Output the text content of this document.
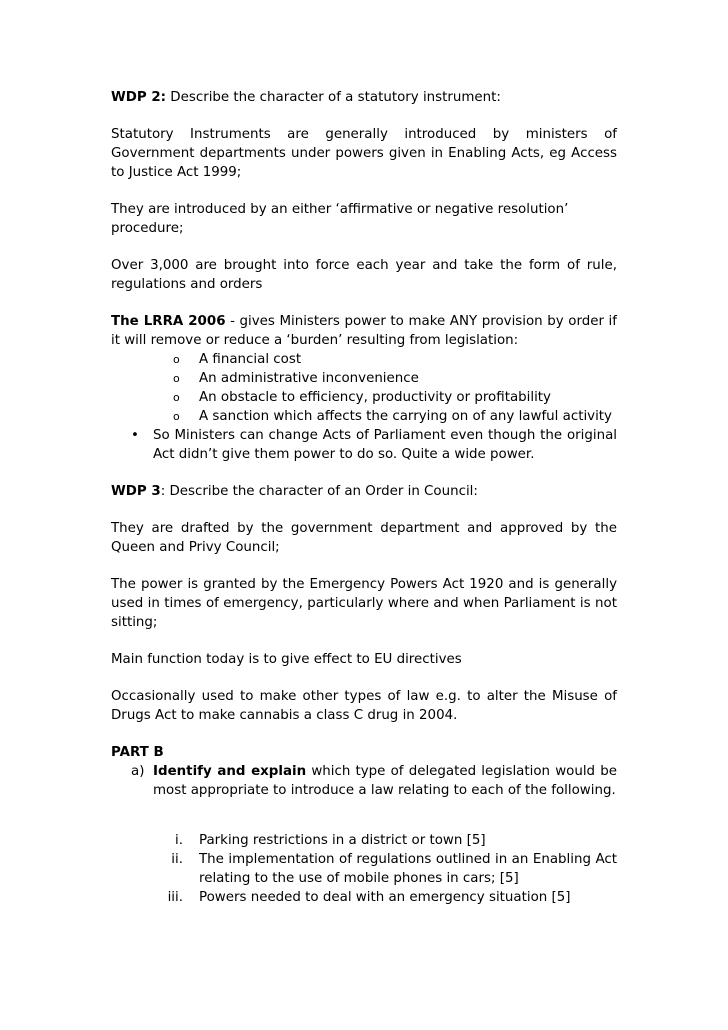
WDP 2: Describe the character of a statutory instrument:

Statutory Instruments are generally introduced by ministers of Government departments under powers given in Enabling Acts, eg Access to Justice Act 1999;

They are introduced by an either ‘affirmative or negative resolution’ procedure;

Over 3,000 are brought into force each year and take the form of rule, regulations and orders

The LRRA 2006 - gives Ministers power to make ANY provision by order if it will remove or reduce a ‘burden’ resulting from legislation:

o A financial cost
o An administrative inconvenience
o An obstacle to efficiency, productivity or profitability
o A sanction which affects the carrying on of any lawful activity
• So Ministers can change Acts of Parliament even though the original Act didn’t give them power to do so. Quite a wide power.

WDP 3: Describe the character of an Order in Council:

They are drafted by the government department and approved by the Queen and Privy Council;

The power is granted by the Emergency Powers Act 1920 and is generally used in times of emergency, particularly where and when Parliament is not sitting;

Main function today is to give effect to EU directives

Occasionally used to make other types of law e.g. to alter the Misuse of Drugs Act to make cannabis a class C drug in 2004.

PART B

a) Identify and explain which type of delegated legislation would be most appropriate to introduce a law relating to each of the following.
i. Parking restrictions in a district or town [5]
ii. The implementation of regulations outlined in an Enabling Act relating to the use of mobile phones in cars; [5]
iii. Powers needed to deal with an emergency situation [5]
